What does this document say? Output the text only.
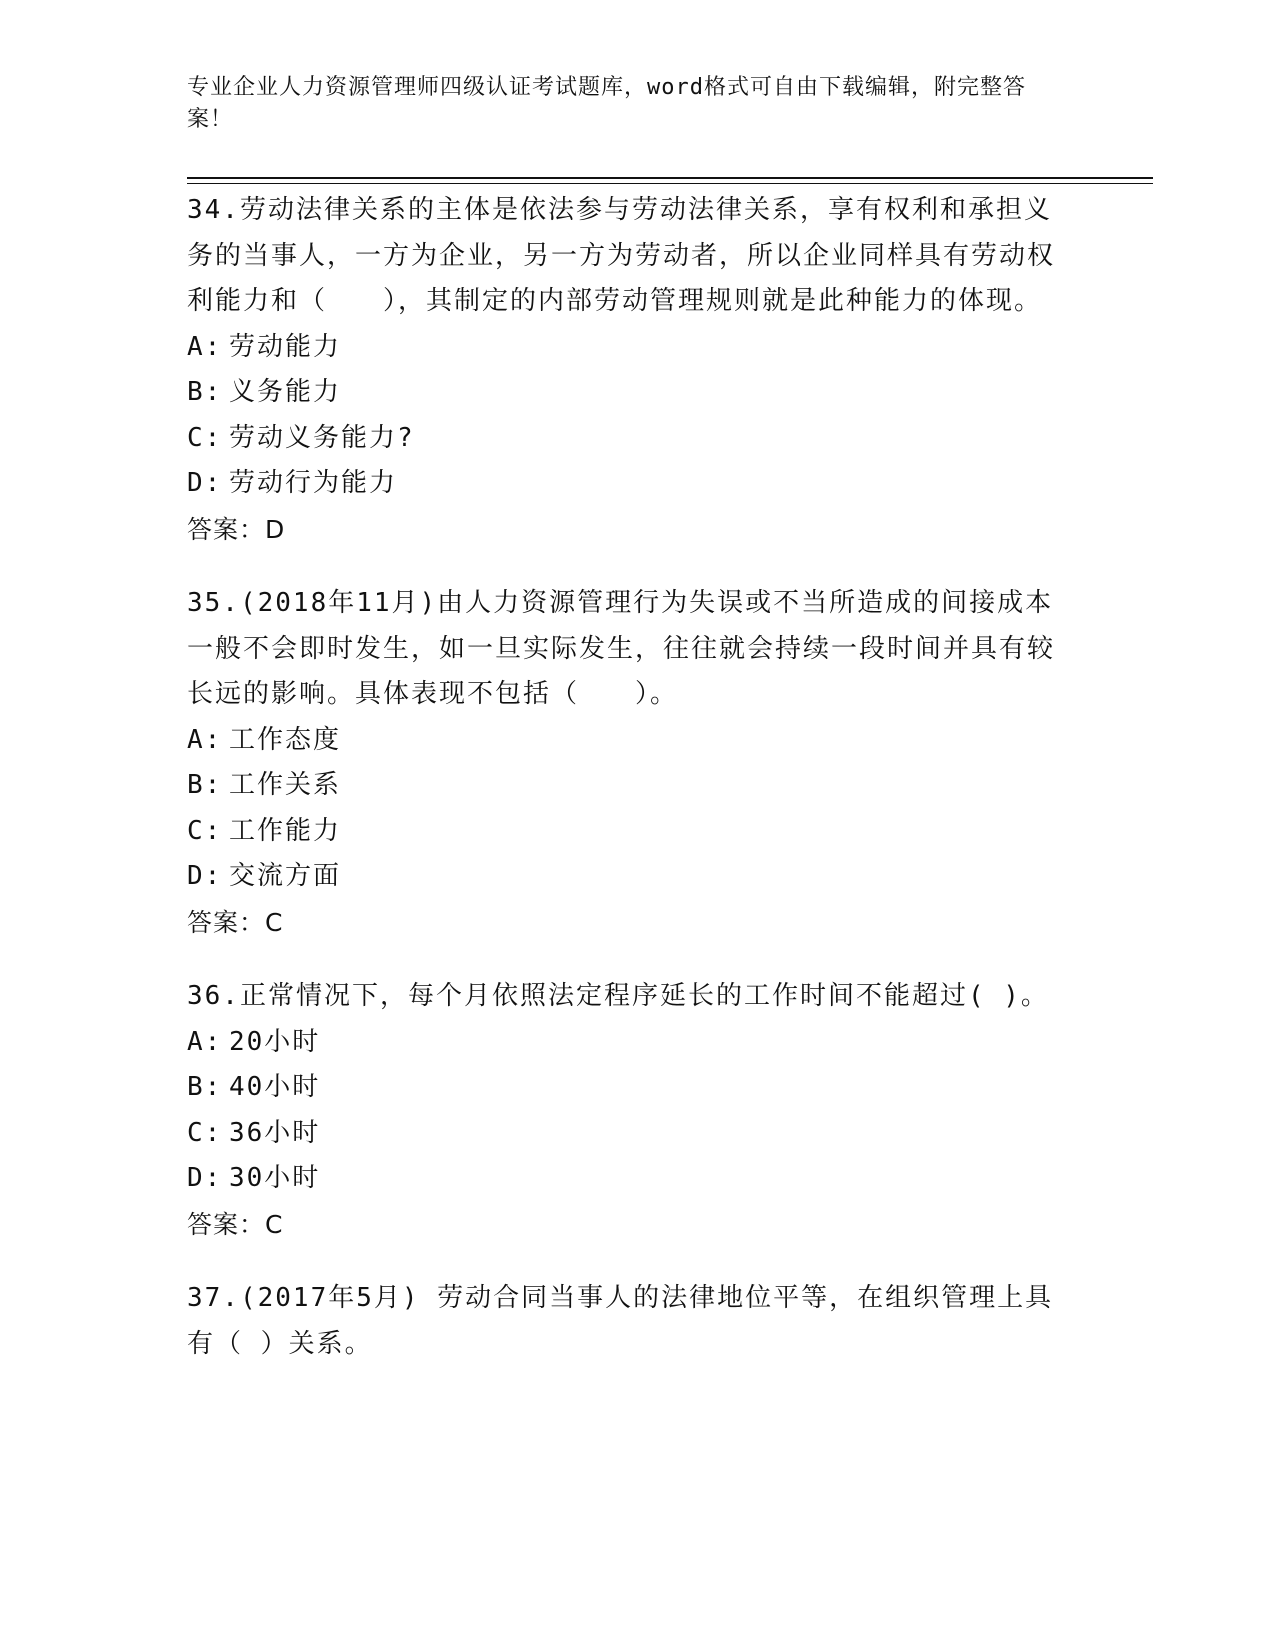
专业企业人力资源管理师四级认证考试题库，word格式可自由下载编辑，附完整答案！

34.劳动法律关系的主体是依法参与劳动法律关系，享有权利和承担义务的当事人，一方为企业，另一方为劳动者，所以企业同样具有劳动权利能力和（　　），其制定的内部劳动管理规则就是此种能力的体现。

A: 劳动能力

B: 义务能力

C: 劳动义务能力?

D: 劳动行为能力

答案：D

35.(2018年11月)由人力资源管理行为失误或不当所造成的间接成本一般不会即时发生，如一旦实际发生，往往就会持续一段时间并具有较长远的影响。具体表现不包括（　　）。

A: 工作态度

B: 工作关系

C: 工作能力

D: 交流方面

答案：C

36.正常情况下，每个月依照法定程序延长的工作时间不能超过( )。

A: 20小时

B: 40小时

C: 36小时

D: 30小时

答案：C

37.(2017年5月) 劳动合同当事人的法律地位平等，在组织管理上具有（ ）关系。
